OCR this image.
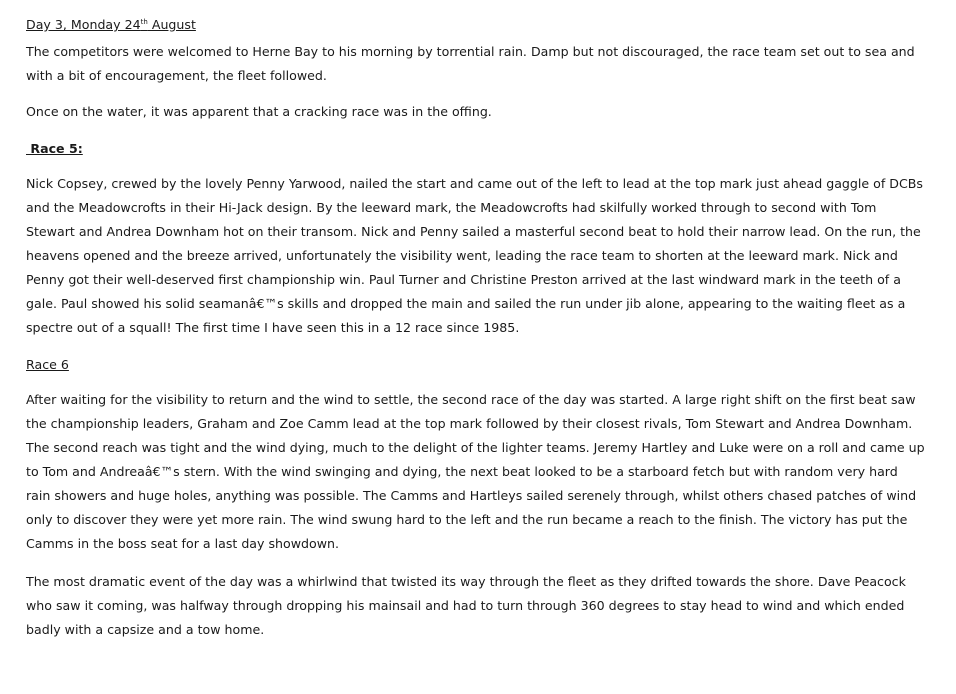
Day 3, Monday 24th August

The competitors were welcomed to Herne Bay to his morning by torrential rain. Damp but not discouraged, the race team set out to sea and with a bit of encouragement, the fleet followed.

Once on the water, it was apparent that a cracking race was in the offing.

Race 5:

Nick Copsey, crewed by the lovely Penny Yarwood, nailed the start and came out of the left to lead at the top mark just ahead gaggle of DCBs and the Meadowcrofts in their Hi-Jack design. By the leeward mark, the Meadowcrofts had skilfully worked through to second with Tom Stewart and Andrea Downham hot on their transom. Nick and Penny sailed a masterful second beat to hold their narrow lead. On the run, the heavens opened and the breeze arrived, unfortunately the visibility went, leading the race team to shorten at the leeward mark. Nick and Penny got their well-deserved first championship win. Paul Turner and Christine Preston arrived at the last windward mark in the teeth of a gale. Paul showed his solid seamanâ€™s skills and dropped the main and sailed the run under jib alone, appearing to the waiting fleet as a spectre out of a squall! The first time I have seen this in a 12 race since 1985.

Race 6

After waiting for the visibility to return and the wind to settle, the second race of the day was started. A large right shift on the first beat saw the championship leaders, Graham and Zoe Camm lead at the top mark followed by their closest rivals, Tom Stewart and Andrea Downham. The second reach was tight and the wind dying, much to the delight of the lighter teams. Jeremy Hartley and Luke were on a roll and came up to Tom and Andreaâ€™s stern. With the wind swinging and dying, the next beat looked to be a starboard fetch but with random very hard rain showers and huge holes, anything was possible. The Camms and Hartleys sailed serenely through, whilst others chased patches of wind only to discover they were yet more rain. The wind swung hard to the left and the run became a reach to the finish. The victory has put the Camms in the boss seat for a last day showdown.

The most dramatic event of the day was a whirlwind that twisted its way through the fleet as they drifted towards the shore. Dave Peacock who saw it coming, was halfway through dropping his mainsail and had to turn through 360 degrees to stay head to wind and which ended badly with a capsize and a tow home.
